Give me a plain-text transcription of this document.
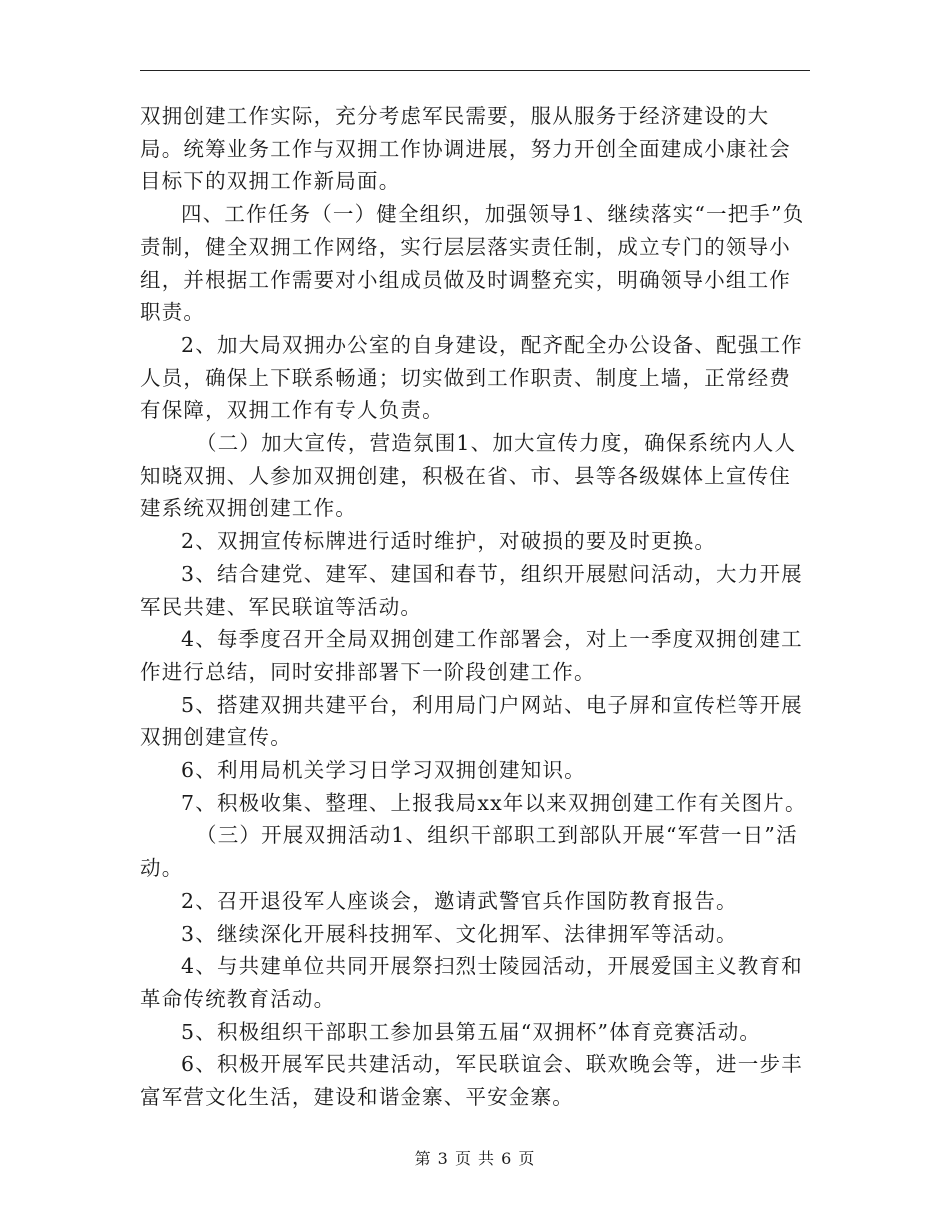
双拥创建工作实际，充分考虑军民需要，服从服务于经济建设的大局。统筹业务工作与双拥工作协调进展，努力开创全面建成小康社会目标下的双拥工作新局面。

四、工作任务（一）健全组织，加强领导1、继续落实“一把手”负责制，健全双拥工作网络，实行层层落实责任制，成立专门的领导小组，并根据工作需要对小组成员做及时调整充实，明确领导小组工作职责。

2、加大局双拥办公室的自身建设，配齐配全办公设备、配强工作人员，确保上下联系畅通；切实做到工作职责、制度上墙，正常经费有保障，双拥工作有专人负责。

（二）加大宣传，营造氛围1、加大宣传力度，确保系统内人人知晓双拥、人参加双拥创建，积极在省、市、县等各级媒体上宣传住建系统双拥创建工作。

2、双拥宣传标牌进行适时维护，对破损的要及时更换。

3、结合建党、建军、建国和春节，组织开展慰问活动，大力开展军民共建、军民联谊等活动。

4、每季度召开全局双拥创建工作部署会，对上一季度双拥创建工作进行总结，同时安排部署下一阶段创建工作。

5、搭建双拥共建平台，利用局门户网站、电子屏和宣传栏等开展双拥创建宣传。

6、利用局机关学习日学习双拥创建知识。

7、积极收集、整理、上报我局xx年以来双拥创建工作有关图片。

（三）开展双拥活动1、组织干部职工到部队开展“军营一日”活动。

2、召开退役军人座谈会，邀请武警官兵作国防教育报告。

3、继续深化开展科技拥军、文化拥军、法律拥军等活动。

4、与共建单位共同开展祭扫烈士陵园活动，开展爱国主义教育和革命传统教育活动。

5、积极组织干部职工参加县第五届“双拥杯”体育竞赛活动。

6、积极开展军民共建活动，军民联谊会、联欢晚会等，进一步丰富军营文化生活，建设和谐金寨、平安金寨。

第 3 页 共 6 页
